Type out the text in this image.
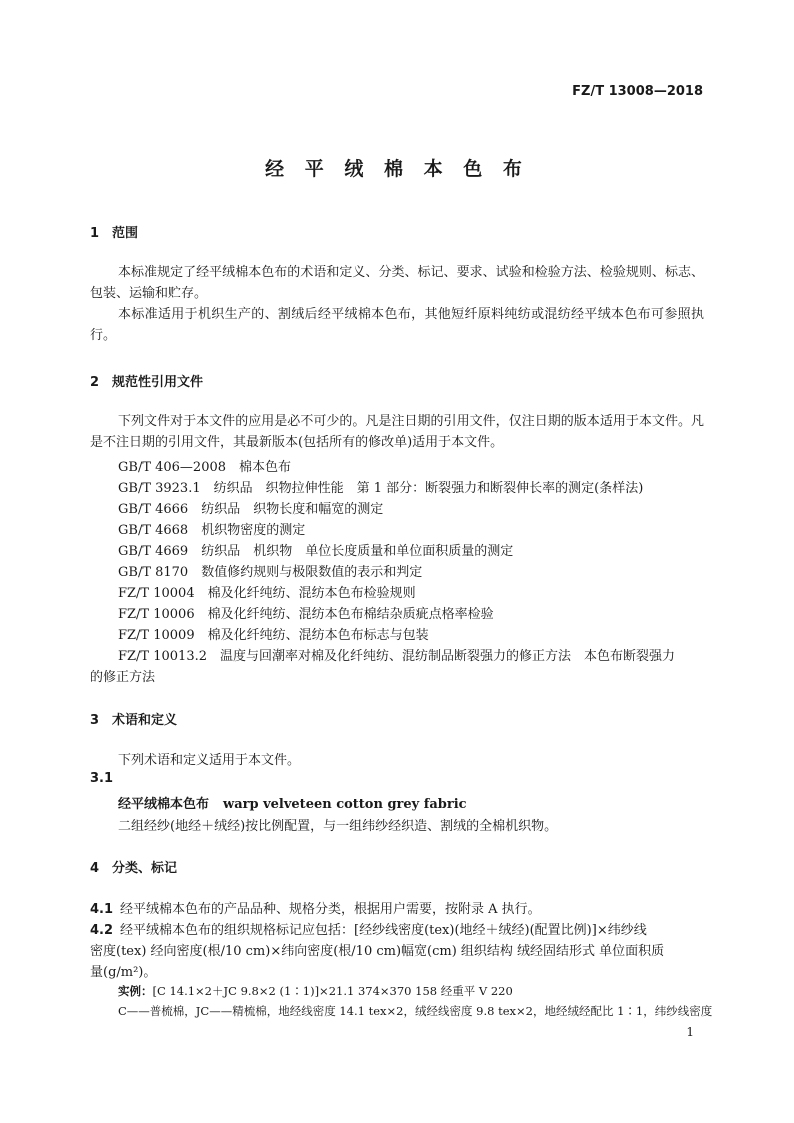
FZ/T 13008—2018
经 平 绒 棉 本 色 布
1 范围
本标准规定了经平绒棉本色布的术语和定义、分类、标记、要求、试验和检验方法、检验规则、标志、包装、运输和贮存。
本标准适用于机织生产的、割绒后经平绒棉本色布，其他短纤原料纯纺或混纺经平绒本色布可参照执行。
2 规范性引用文件
下列文件对于本文件的应用是必不可少的。凡是注日期的引用文件，仅注日期的版本适用于本文件。凡是不注日期的引用文件，其最新版本(包括所有的修改单)适用于本文件。
GB/T 406—2008　棉本色布
GB/T 3923.1　纺织品　织物拉伸性能　第 1 部分：断裂强力和断裂伸长率的测定(条样法)
GB/T 4666　纺织品　织物长度和幅宽的测定
GB/T 4668　机织物密度的测定
GB/T 4669　纺织品　机织物　单位长度质量和单位面积质量的测定
GB/T 8170　数值修约规则与极限数值的表示和判定
FZ/T 10004　棉及化纤纯纺、混纺本色布检验规则
FZ/T 10006　棉及化纤纯纺、混纺本色布棉结杂质疵点格率检验
FZ/T 10009　棉及化纤纯纺、混纺本色布标志与包装
FZ/T 10013.2　温度与回潮率对棉及化纤纯纺、混纺制品断裂强力的修正方法　本色布断裂强力
的修正方法
3 术语和定义
下列术语和定义适用于本文件。
3.1
经平绒棉本色布 warp velveteen cotton grey fabric
二组经纱(地经＋绒经)按比例配置，与一组纬纱经织造、割绒的全棉机织物。
4 分类、标记
4.1 经平绒棉本色布的产品品种、规格分类，根据用户需要，按附录 A 执行。
4.2 经平绒棉本色布的组织规格标记应包括：[经纱线密度(tex)(地经＋绒经)(配置比例)]×纬纱线
密度(tex) 经向密度(根/10 cm)×纬向密度(根/10 cm)幅宽(cm) 组织结构 绒经固结形式 单位面积质
量(g/m²)。
实例：[C 14.1×2＋JC 9.8×2 (1∶1)]×21.1 374×370 158 经重平 V 220
C——普梳棉，JC——精梳棉，地经线密度 14.1 tex×2，绒经线密度 9.8 tex×2，地经绒经配比 1∶1，纬纱线密度
1
